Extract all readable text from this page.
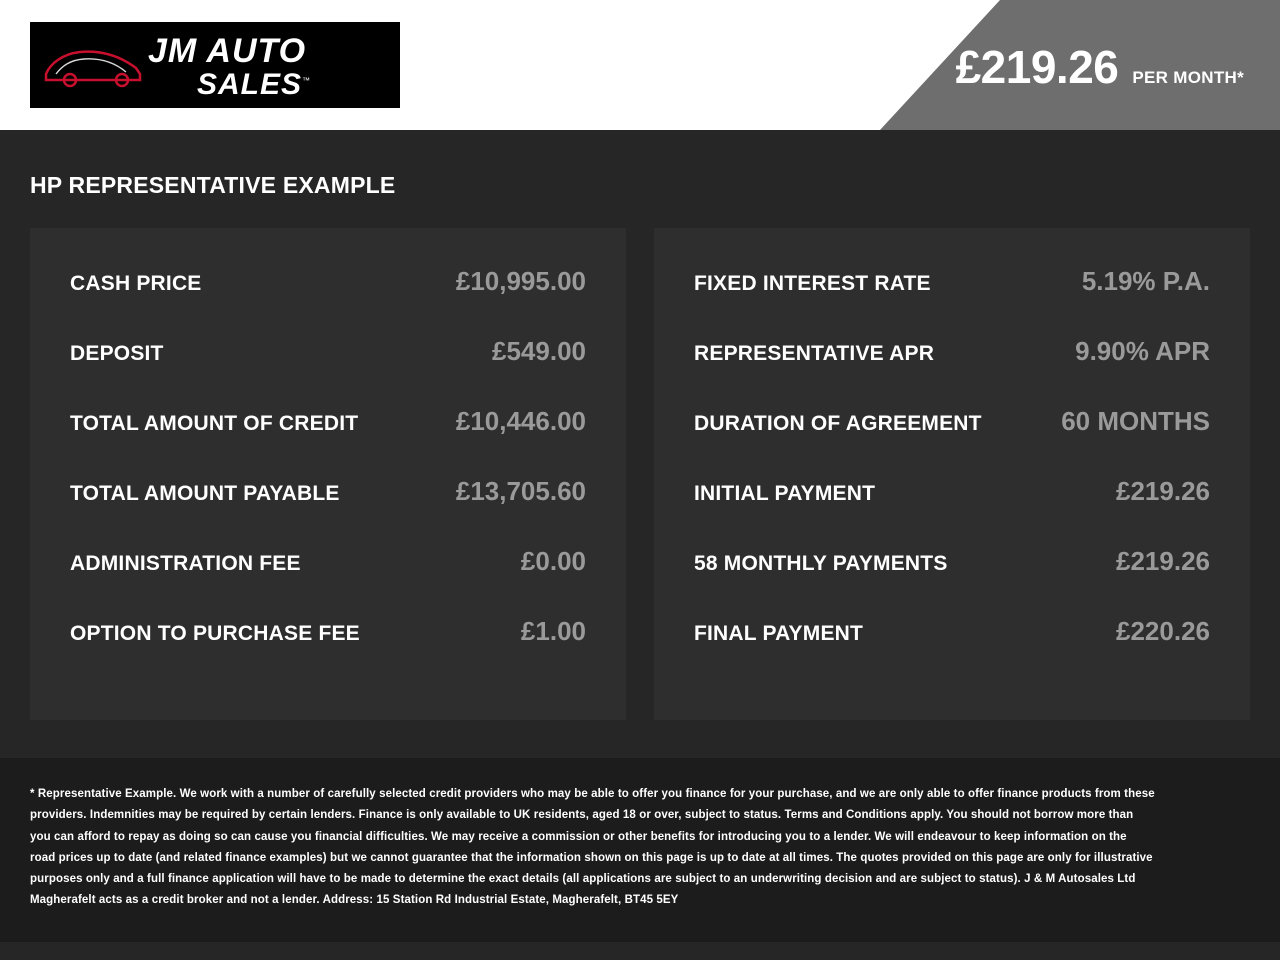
JM AUTO
SALES™	£219.26 PER MONTH*
HP REPRESENTATIVE EXAMPLE
CASH PRICE	£10,995.00
DEPOSIT	£549.00
TOTAL AMOUNT OF CREDIT	£10,446.00
TOTAL AMOUNT PAYABLE	£13,705.60
ADMINISTRATION FEE	£0.00
OPTION TO PURCHASE FEE	£1.00
FIXED INTEREST RATE	5.19% P.A.
REPRESENTATIVE APR	9.90% APR
DURATION OF AGREEMENT	60 MONTHS
INITIAL PAYMENT	£219.26
58 MONTHLY PAYMENTS	£219.26
FINAL PAYMENT	£220.26

* Representative Example. We work with a number of carefully selected credit providers who may be able to offer you finance for your purchase, and we are only able to offer finance products from these providers. Indemnities may be required by certain lenders. Finance is only available to UK residents, aged 18 or over, subject to status. Terms and Conditions apply. You should not borrow more than you can afford to repay as doing so can cause you financial difficulties. We may receive a commission or other benefits for introducing you to a lender. We will endeavour to keep information on the road prices up to date (and related finance examples) but we cannot guarantee that the information shown on this page is up to date at all times. The quotes provided on this page are only for illustrative purposes only and a full finance application will have to be made to determine the exact details (all applications are subject to an underwriting decision and are subject to status). J & M Autosales Ltd Magherafelt acts as a credit broker and not a lender. Address: 15 Station Rd Industrial Estate, Magherafelt, BT45 5EY
